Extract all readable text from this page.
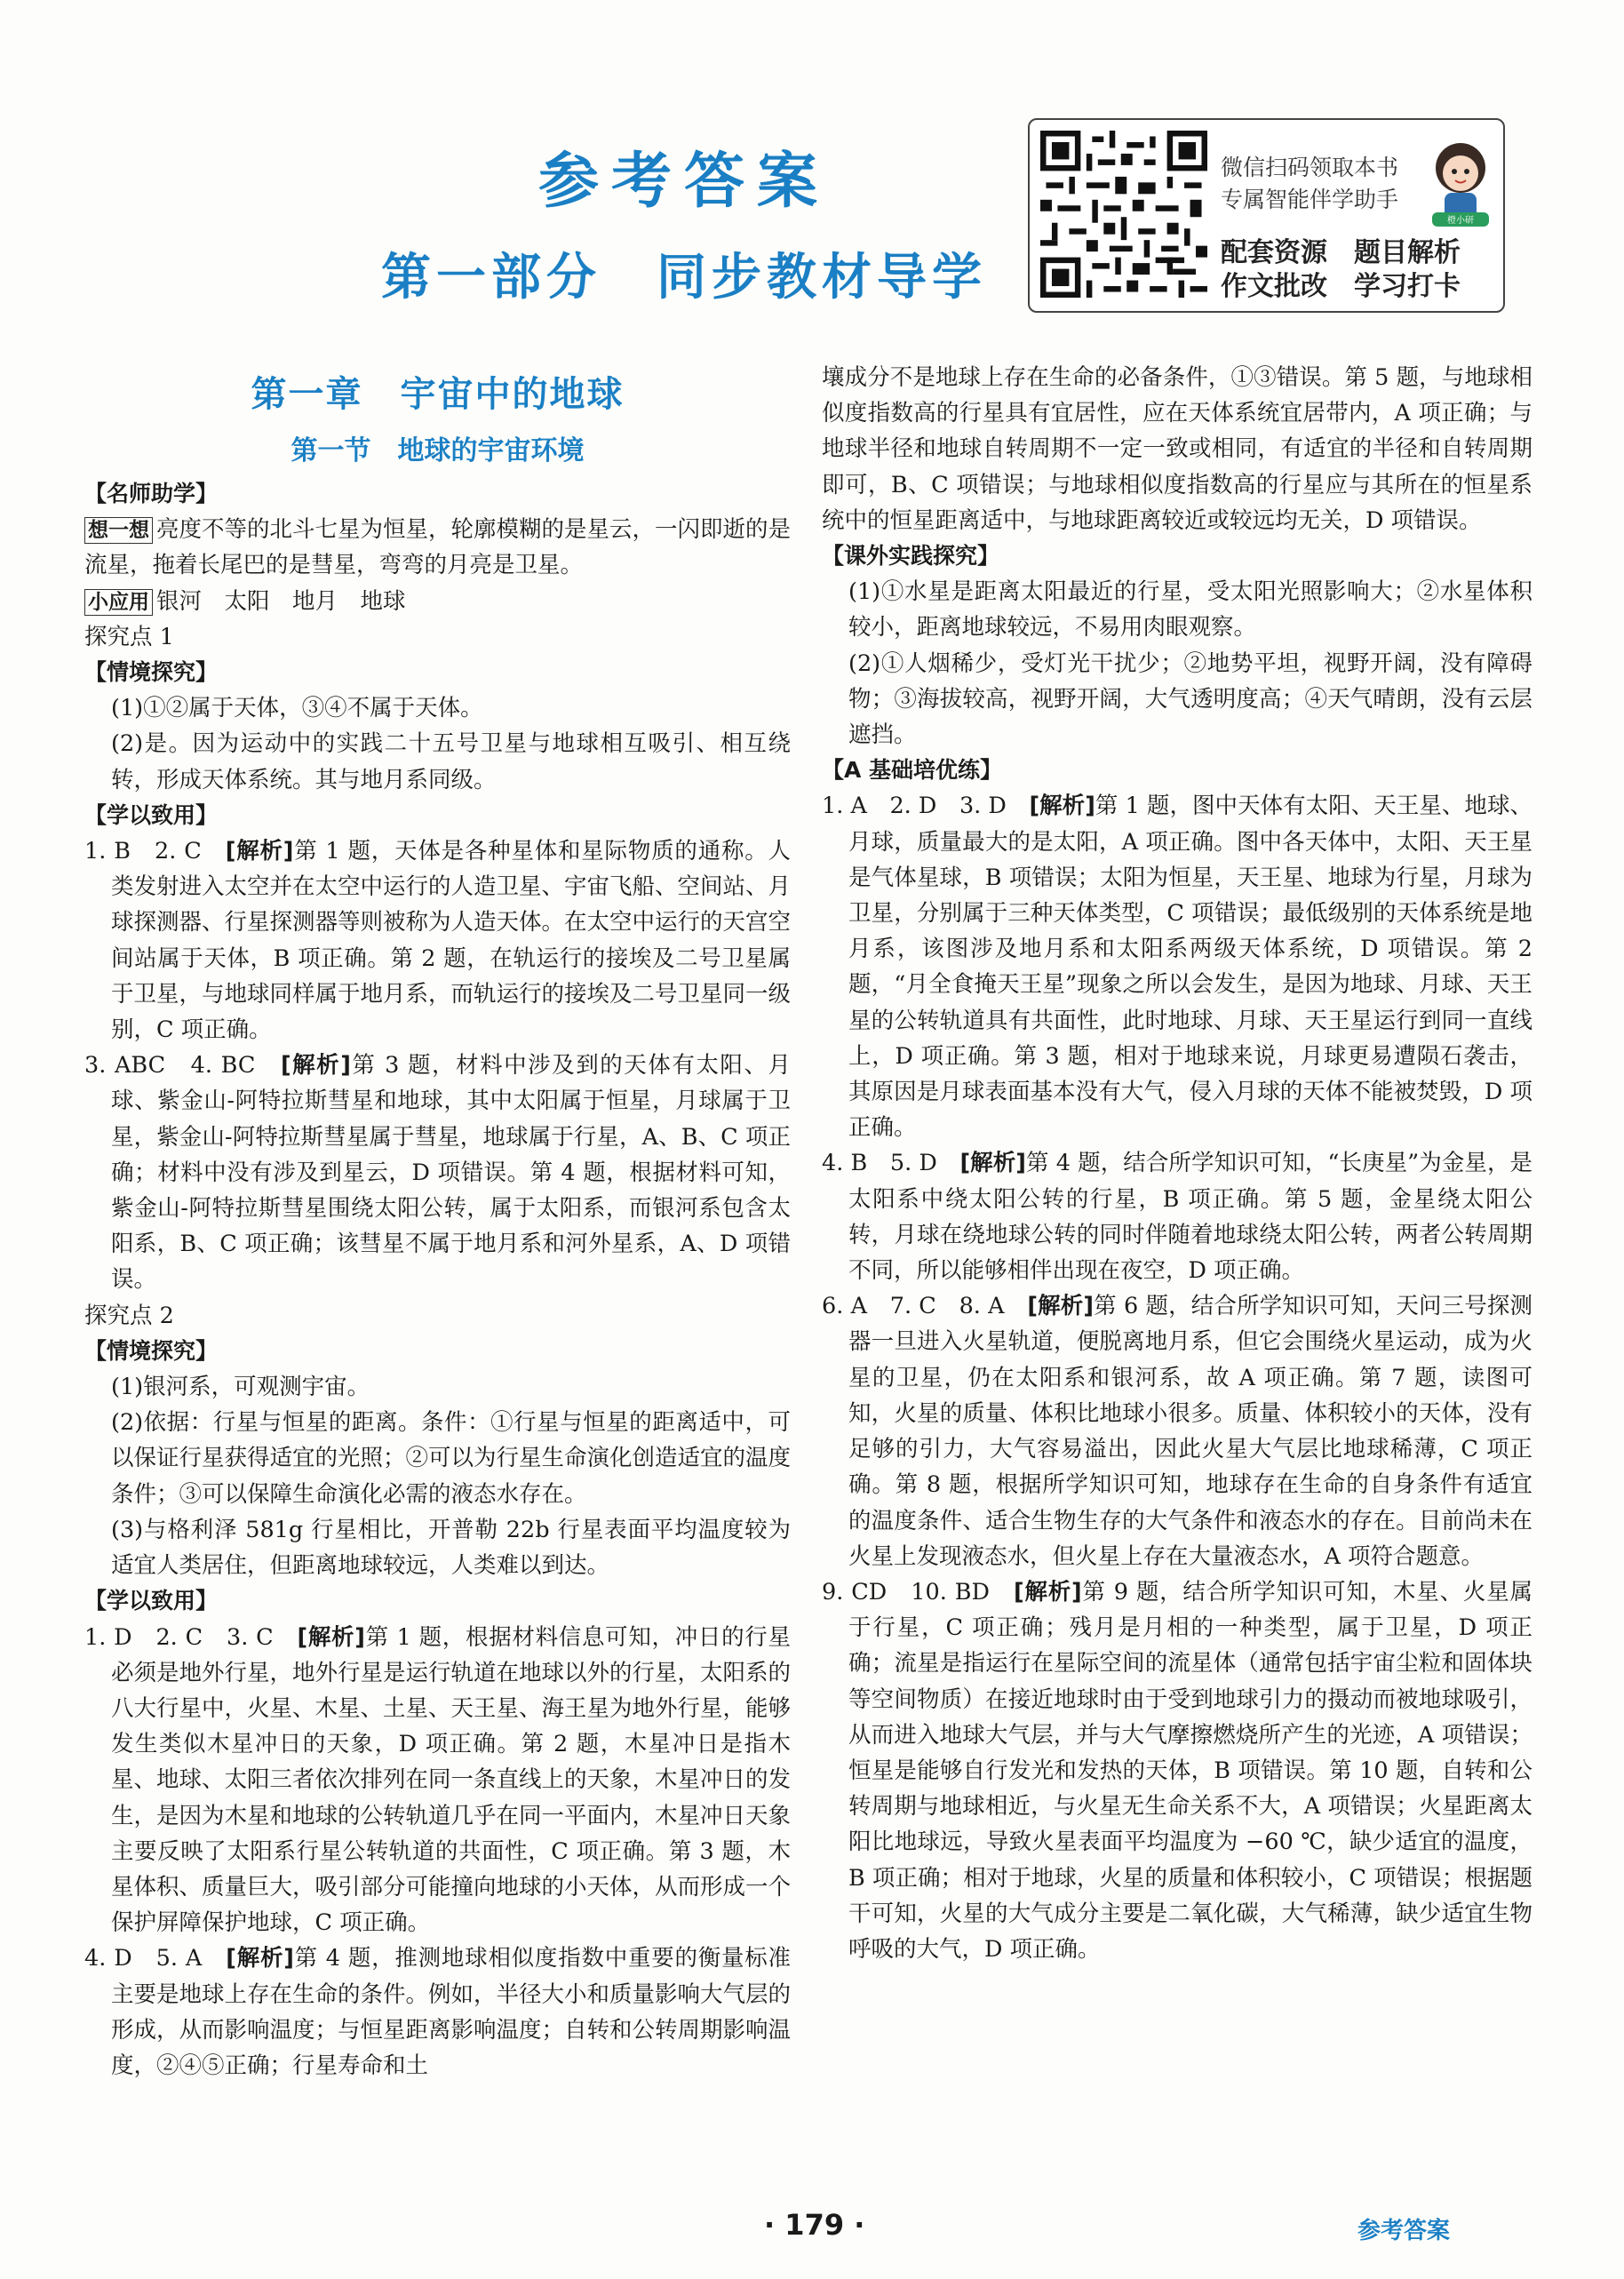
参考答案
第一部分　同步教材导学
微信扫码领取本书
专属智能伴学助手
配套资源　题目解析
作文批改　学习打卡
橙小研
第一章　宇宙中的地球
第一节　地球的宇宙环境
【名师助学】

想一想 亮度不等的北斗七星为恒星，轮廓模糊的是星云，一闪即逝的是流星，拖着长尾巴的是彗星，弯弯的月亮是卫星。

小应用 银河　太阳　地月　地球

探究点 1
【情境探究】

(1)①②属于天体，③④不属于天体。

(2)是。因为运动中的实践二十五号卫星与地球相互吸引、相互绕转，形成天体系统。其与地月系同级。

【学以致用】

1. B　2. C　[解析]第 1 题，天体是各种星体和星际物质的通称。人类发射进入太空并在太空中运行的人造卫星、宇宙飞船、空间站、月球探测器、行星探测器等则被称为人造天体。在太空中运行的天宫空间站属于天体，B 项正确。第 2 题，在轨运行的接埃及二号卫星属于卫星，与地球同样属于地月系，而轨运行的接埃及二号卫星同一级别，C 项正确。

3. ABC　4. BC　[解析]第 3 题，材料中涉及到的天体有太阳、月球、紫金山-阿特拉斯彗星和地球，其中太阳属于恒星，月球属于卫星，紫金山-阿特拉斯彗星属于彗星，地球属于行星，A、B、C 项正确；材料中没有涉及到星云，D 项错误。第 4 题，根据材料可知，紫金山-阿特拉斯彗星围绕太阳公转，属于太阳系，而银河系包含太阳系，B、C 项正确；该彗星不属于地月系和河外星系，A、D 项错误。

探究点 2
【情境探究】

(1)银河系，可观测宇宙。

(2)依据：行星与恒星的距离。条件：①行星与恒星的距离适中，可以保证行星获得适宜的光照；②可以为行星生命演化创造适宜的温度条件；③可以保障生命演化必需的液态水存在。

(3)与格利泽 581g 行星相比，开普勒 22b 行星表面平均温度较为适宜人类居住，但距离地球较远，人类难以到达。

【学以致用】

1. D　2. C　3. C　[解析]第 1 题，根据材料信息可知，冲日的行星必须是地外行星，地外行星是运行轨道在地球以外的行星，太阳系的八大行星中，火星、木星、土星、天王星、海王星为地外行星，能够发生类似木星冲日的天象，D 项正确。第 2 题，木星冲日是指木星、地球、太阳三者依次排列在同一条直线上的天象，木星冲日的发生，是因为木星和地球的公转轨道几乎在同一平面内，木星冲日天象主要反映了太阳系行星公转轨道的共面性，C 项正确。第 3 题，木星体积、质量巨大，吸引部分可能撞向地球的小天体，从而形成一个保护屏障保护地球，C 项正确。

4. D　5. A　[解析]第 4 题，推测地球相似度指数中重要的衡量标准主要是地球上存在生命的条件。例如，半径大小和质量影响大气层的形成，从而影响温度；与恒星距离影响温度；自转和公转周期影响温度，②④⑤正确；行星寿命和土

壤成分不是地球上存在生命的必备条件，①③错误。第 5 题，与地球相似度指数高的行星具有宜居性，应在天体系统宜居带内，A 项正确；与地球半径和地球自转周期不一定一致或相同，有适宜的半径和自转周期即可，B、C 项错误；与地球相似度指数高的行星应与其所在的恒星系统中的恒星距离适中，与地球距离较近或较远均无关，D 项错误。

【课外实践探究】

(1)①水星是距离太阳最近的行星，受太阳光照影响大；②水星体积较小，距离地球较远，不易用肉眼观察。

(2)①人烟稀少，受灯光干扰少；②地势平坦，视野开阔，没有障碍物；③海拔较高，视野开阔，大气透明度高；④天气晴朗，没有云层遮挡。

【A 基础培优练】

1. A　2. D　3. D　[解析]第 1 题，图中天体有太阳、天王星、地球、月球，质量最大的是太阳，A 项正确。图中各天体中，太阳、天王星是气体星球，B 项错误；太阳为恒星，天王星、地球为行星，月球为卫星，分别属于三种天体类型，C 项错误；最低级别的天体系统是地月系，该图涉及地月系和太阳系两级天体系统，D 项错误。第 2 题，“月全食掩天王星”现象之所以会发生，是因为地球、月球、天王星的公转轨道具有共面性，此时地球、月球、天王星运行到同一直线上，D 项正确。第 3 题，相对于地球来说，月球更易遭陨石袭击，其原因是月球表面基本没有大气，侵入月球的天体不能被焚毁，D 项正确。

4. B　5. D　[解析]第 4 题，结合所学知识可知，“长庚星”为金星，是太阳系中绕太阳公转的行星，B 项正确。第 5 题，金星绕太阳公转，月球在绕地球公转的同时伴随着地球绕太阳公转，两者公转周期不同，所以能够相伴出现在夜空，D 项正确。

6. A　7. C　8. A　[解析]第 6 题，结合所学知识可知，天问三号探测器一旦进入火星轨道，便脱离地月系，但它会围绕火星运动，成为火星的卫星，仍在太阳系和银河系，故 A 项正确。第 7 题，读图可知，火星的质量、体积比地球小很多。质量、体积较小的天体，没有足够的引力，大气容易溢出，因此火星大气层比地球稀薄，C 项正确。第 8 题，根据所学知识可知，地球存在生命的自身条件有适宜的温度条件、适合生物生存的大气条件和液态水的存在。目前尚未在火星上发现液态水，但火星上存在大量液态水，A 项符合题意。

9. CD　10. BD　[解析]第 9 题，结合所学知识可知，木星、火星属于行星，C 项正确；残月是月相的一种类型，属于卫星，D 项正确；流星是指运行在星际空间的流星体（通常包括宇宙尘粒和固体块等空间物质）在接近地球时由于受到地球引力的摄动而被地球吸引，从而进入地球大气层，并与大气摩擦燃烧所产生的光迹，A 项错误；恒星是能够自行发光和发热的天体，B 项错误。第 10 题，自转和公转周期与地球相近，与火星无生命关系不大，A 项错误；火星距离太阳比地球远，导致火星表面平均温度为 −60 ℃，缺少适宜的温度，B 项正确；相对于地球，火星的质量和体积较小，C 项错误；根据题干可知，火星的大气成分主要是二氧化碳，大气稀薄，缺少适宜生物呼吸的大气，D 项正确。

· 179 ·	参考答案
